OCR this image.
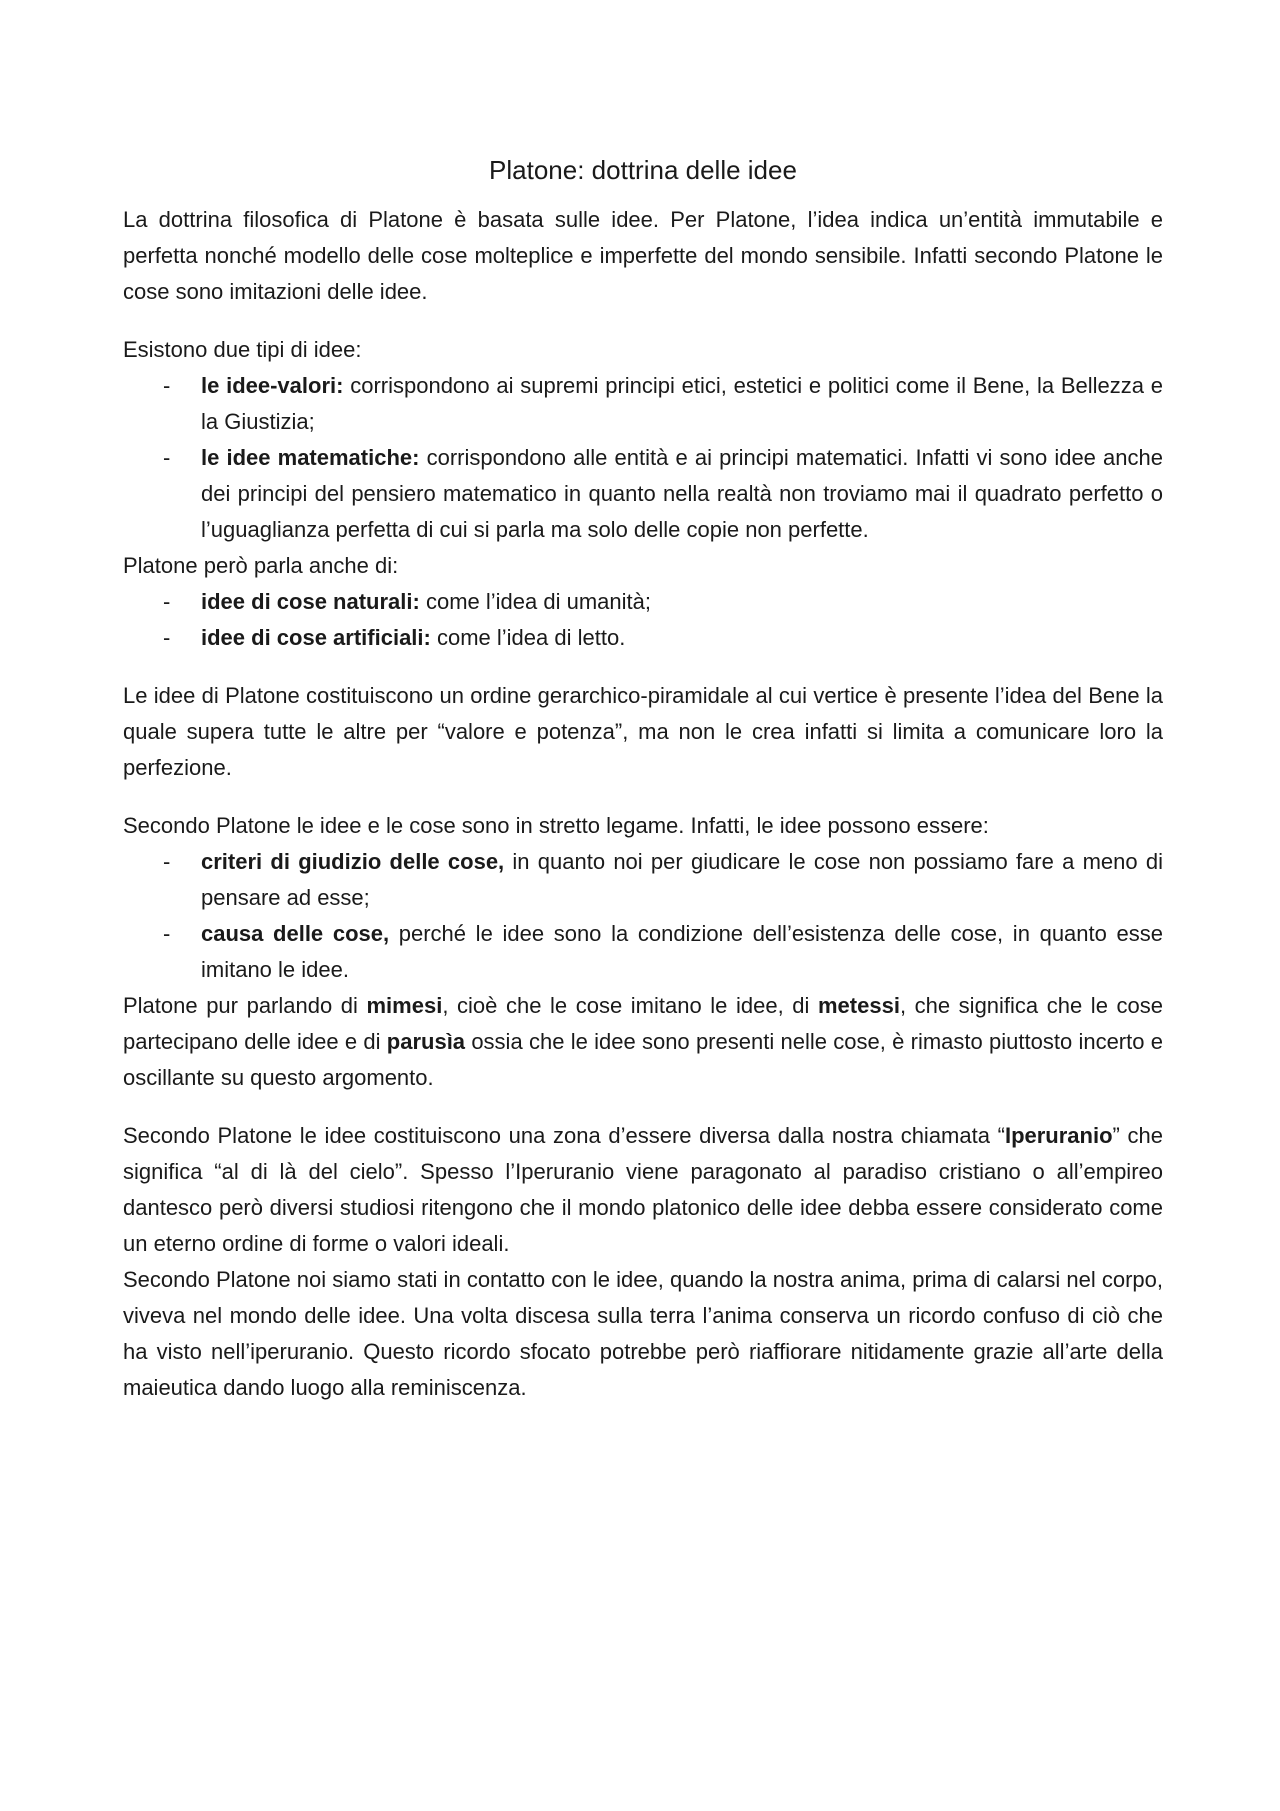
Platone: dottrina delle idee

La dottrina filosofica di Platone è basata sulle idee. Per Platone, l’idea indica un’entità immutabile e perfetta nonché modello delle cose molteplice e imperfette del mondo sensibile. Infatti secondo Platone le cose sono imitazioni delle idee.

Esistono due tipi di idee:

- le idee-valori: corrispondono ai supremi principi etici, estetici e politici come il Bene, la Bellezza e la Giustizia;
- le idee matematiche: corrispondono alle entità e ai principi matematici. Infatti vi sono idee anche dei principi del pensiero matematico in quanto nella realtà non troviamo mai il quadrato perfetto o l’uguaglianza perfetta di cui si parla ma solo delle copie non perfette.

Platone però parla anche di:

- idee di cose naturali: come l’idea di umanità;
- idee di cose artificiali: come l’idea di letto.

Le idee di Platone costituiscono un ordine gerarchico-piramidale al cui vertice è presente l’idea del Bene la quale supera tutte le altre per “valore e potenza”, ma non le crea infatti si limita a comunicare loro la perfezione.

Secondo Platone le idee e le cose sono in stretto legame. Infatti, le idee possono essere:

- criteri di giudizio delle cose, in quanto noi per giudicare le cose non possiamo fare a meno di pensare ad esse;
- causa delle cose, perché le idee sono la condizione dell’esistenza delle cose, in quanto esse imitano le idee.

Platone pur parlando di mimesi, cioè che le cose imitano le idee, di metessi, che significa che le cose partecipano delle idee e di parusìa ossia che le idee sono presenti nelle cose, è rimasto piuttosto incerto e oscillante su questo argomento.

Secondo Platone le idee costituiscono una zona d’essere diversa dalla nostra chiamata “Iperuranio” che significa “al di là del cielo”. Spesso l’Iperuranio viene paragonato al paradiso cristiano o all’empireo dantesco però diversi studiosi ritengono che il mondo platonico delle idee debba essere considerato come un eterno ordine di forme o valori ideali.

Secondo Platone noi siamo stati in contatto con le idee, quando la nostra anima, prima di calarsi nel corpo, viveva nel mondo delle idee. Una volta discesa sulla terra l’anima conserva un ricordo confuso di ciò che ha visto nell’iperuranio. Questo ricordo sfocato potrebbe però riaffiorare nitidamente grazie all’arte della maieutica dando luogo alla reminiscenza.
